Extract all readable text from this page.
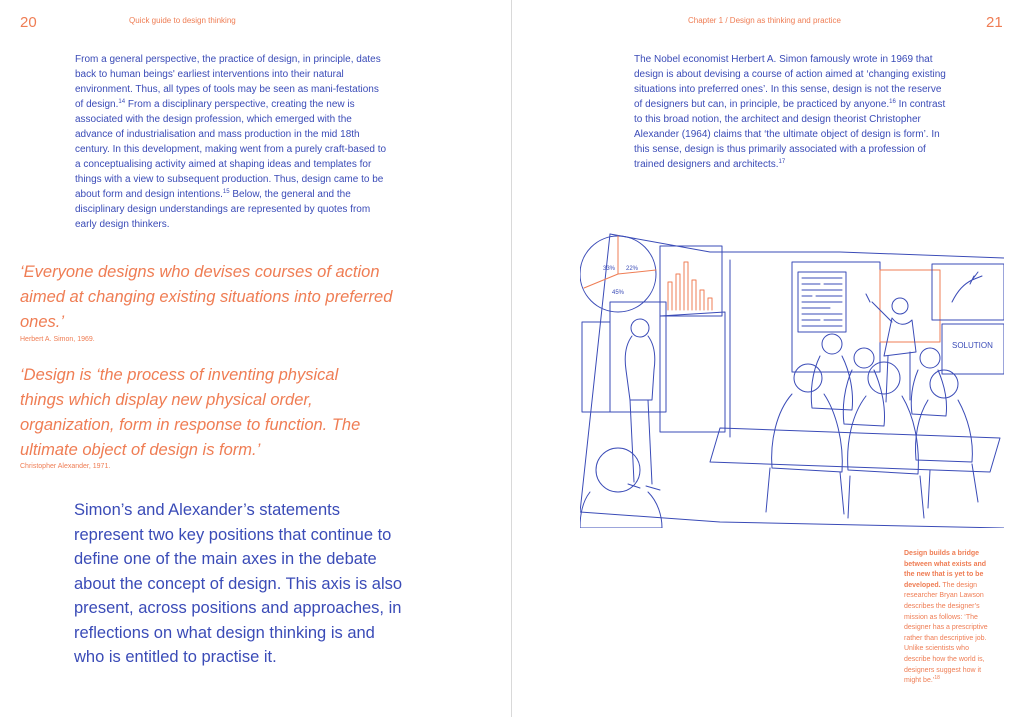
20	Quick guide to design thinking
From a general perspective, the practice of design, in principle, dates back to human beings' earliest interventions into their natural environment. Thus, all types of tools may be seen as mani-festations of design.$^{14}$ From a disciplinary perspective, creating the new is associated with the design profession, which emerged with the advance of industrialisation and mass production in the mid 18th century. In this development, making went from a purely craft-based to a conceptualising activity aimed at shaping ideas and templates for things with a view to subsequent production. Thus, design came to be about form and design intentions.$^{15}$ Below, the general and the disciplinary design understandings are represented by quotes from early design thinkers.
‘Everyone designs who devises courses of action aimed at changing existing situations into preferred ones.’
Herbert A. Simon, 1969.
‘Design is ‘the process of inventing physical things which display new physical order, organization, form in response to function. The ultimate object of design is form.’
Christopher Alexander, 1971.
Simon’s and Alexander’s statements represent two key positions that continue to define one of the main axes in the debate about the concept of design. This axis is also present, across positions and approaches, in reflections on what design thinking is and who is entitled to practise it.
Chapter 1 / Design as thinking and practice	21
The Nobel economist Herbert A. Simon famously wrote in 1969 that design is about devising a course of action aimed at ‘changing existing situations into preferred ones’. In this sense, design is not the reserve of designers but can, in principle, be practiced by anyone.$^{16}$ In contrast to this broad notion, the architect and design theorist Christopher Alexander (1964) claims that ‘the ultimate object of design is form’. In this sense, design is thus primarily associated with a profession of trained designers and architects.$^{17}$
33% 22%
45%
SOLUTION
Design builds a bridge between what exists and the new that is yet to be developed. The design researcher Bryan Lawson describes the designer’s mission as follows: ‘The designer has a prescriptive rather than descriptive job. Unlike scientists who describe how the world is, designers suggest how it might be.’$^{18}$
